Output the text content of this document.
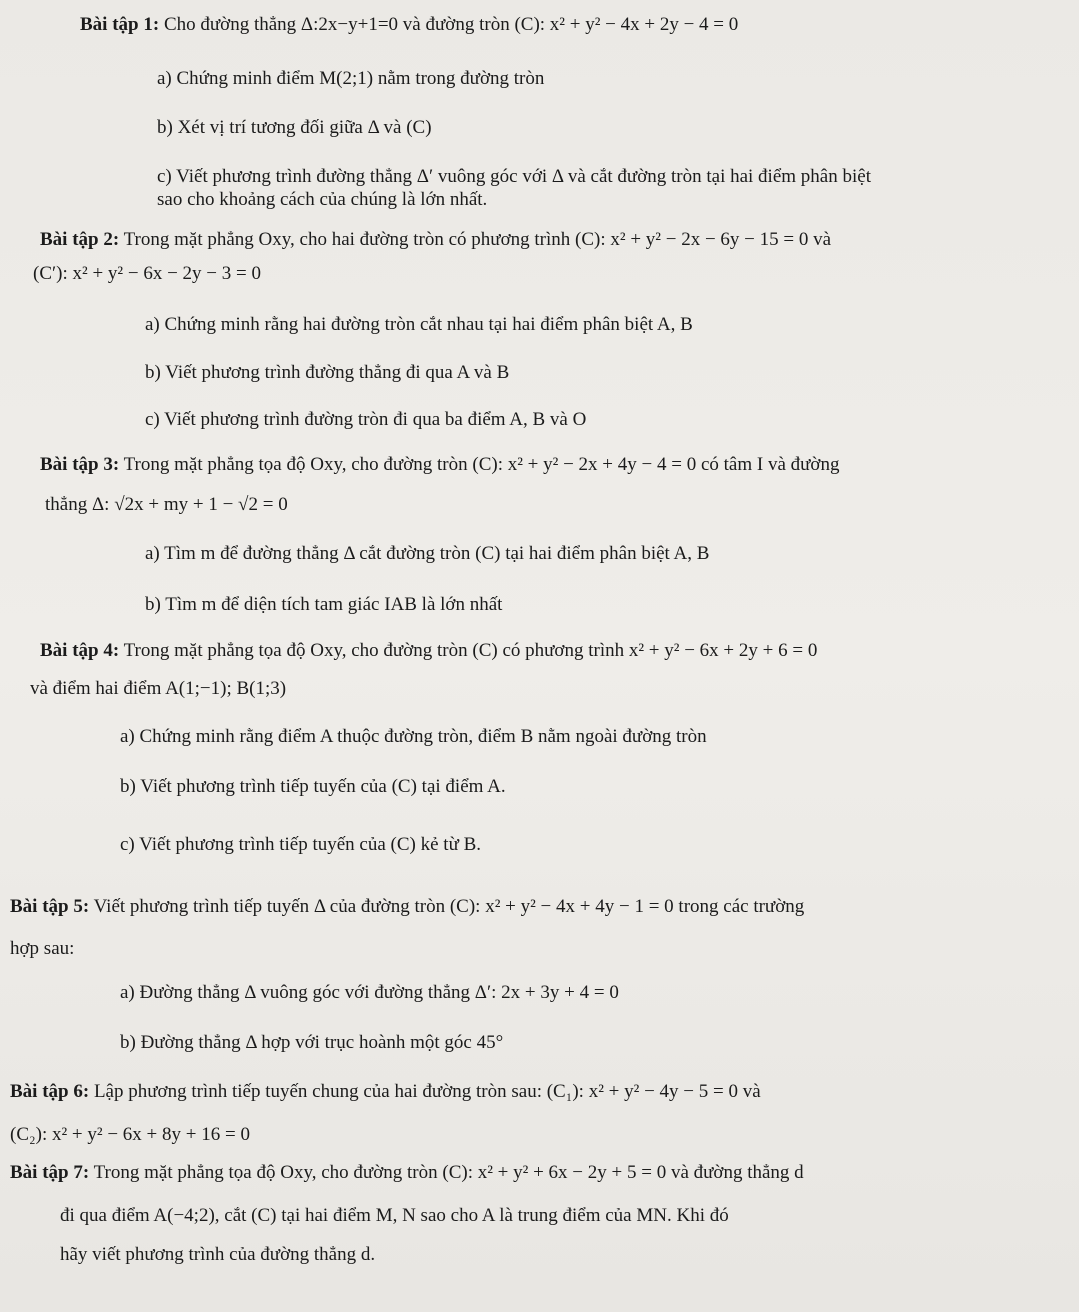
Bài tập 1: Cho đường thẳng Δ:2x−y+1=0 và đường tròn (C): x² + y² − 4x + 2y − 4 = 0
a) Chứng minh điểm M(2;1) nằm trong đường tròn
b) Xét vị trí tương đối giữa Δ và (C)
c) Viết phương trình đường thẳng Δ′ vuông góc với Δ và cắt đường tròn tại hai điểm phân biệt
sao cho khoảng cách của chúng là lớn nhất.
Bài tập 2: Trong mặt phẳng Oxy, cho hai đường tròn có phương trình (C): x² + y² − 2x − 6y − 15 = 0 và
(C′): x² + y² − 6x − 2y − 3 = 0
a) Chứng minh rằng hai đường tròn cắt nhau tại hai điểm phân biệt A, B
b) Viết phương trình đường thẳng đi qua A và B
c) Viết phương trình đường tròn đi qua ba điểm A, B và O
Bài tập 3: Trong mặt phẳng tọa độ Oxy, cho đường tròn (C): x² + y² − 2x + 4y − 4 = 0 có tâm I và đường
thẳng Δ: √2x + my + 1 − √2 = 0
a) Tìm m để đường thẳng Δ cắt đường tròn (C) tại hai điểm phân biệt A, B
b) Tìm m để diện tích tam giác IAB là lớn nhất
Bài tập 4: Trong mặt phẳng tọa độ Oxy, cho đường tròn (C) có phương trình x² + y² − 6x + 2y + 6 = 0
và điểm hai điểm A(1;−1); B(1;3)
a) Chứng minh rằng điểm A thuộc đường tròn, điểm B nằm ngoài đường tròn
b) Viết phương trình tiếp tuyến của (C) tại điểm A.
c) Viết phương trình tiếp tuyến của (C) kẻ từ B.
Bài tập 5: Viết phương trình tiếp tuyến Δ của đường tròn (C): x² + y² − 4x + 4y − 1 = 0 trong các trường
hợp sau:
a) Đường thẳng Δ vuông góc với đường thẳng Δ′: 2x + 3y + 4 = 0
b) Đường thẳng Δ hợp với trục hoành một góc 45°
Bài tập 6: Lập phương trình tiếp tuyến chung của hai đường tròn sau: (C₁): x² + y² − 4y − 5 = 0 và
(C₂): x² + y² − 6x + 8y + 16 = 0
Bài tập 7: Trong mặt phẳng tọa độ Oxy, cho đường tròn (C): x² + y² + 6x − 2y + 5 = 0 và đường thẳng d
đi qua điểm A(−4;2), cắt (C) tại hai điểm M, N sao cho A là trung điểm của MN. Khi đó
hãy viết phương trình của đường thẳng d.
